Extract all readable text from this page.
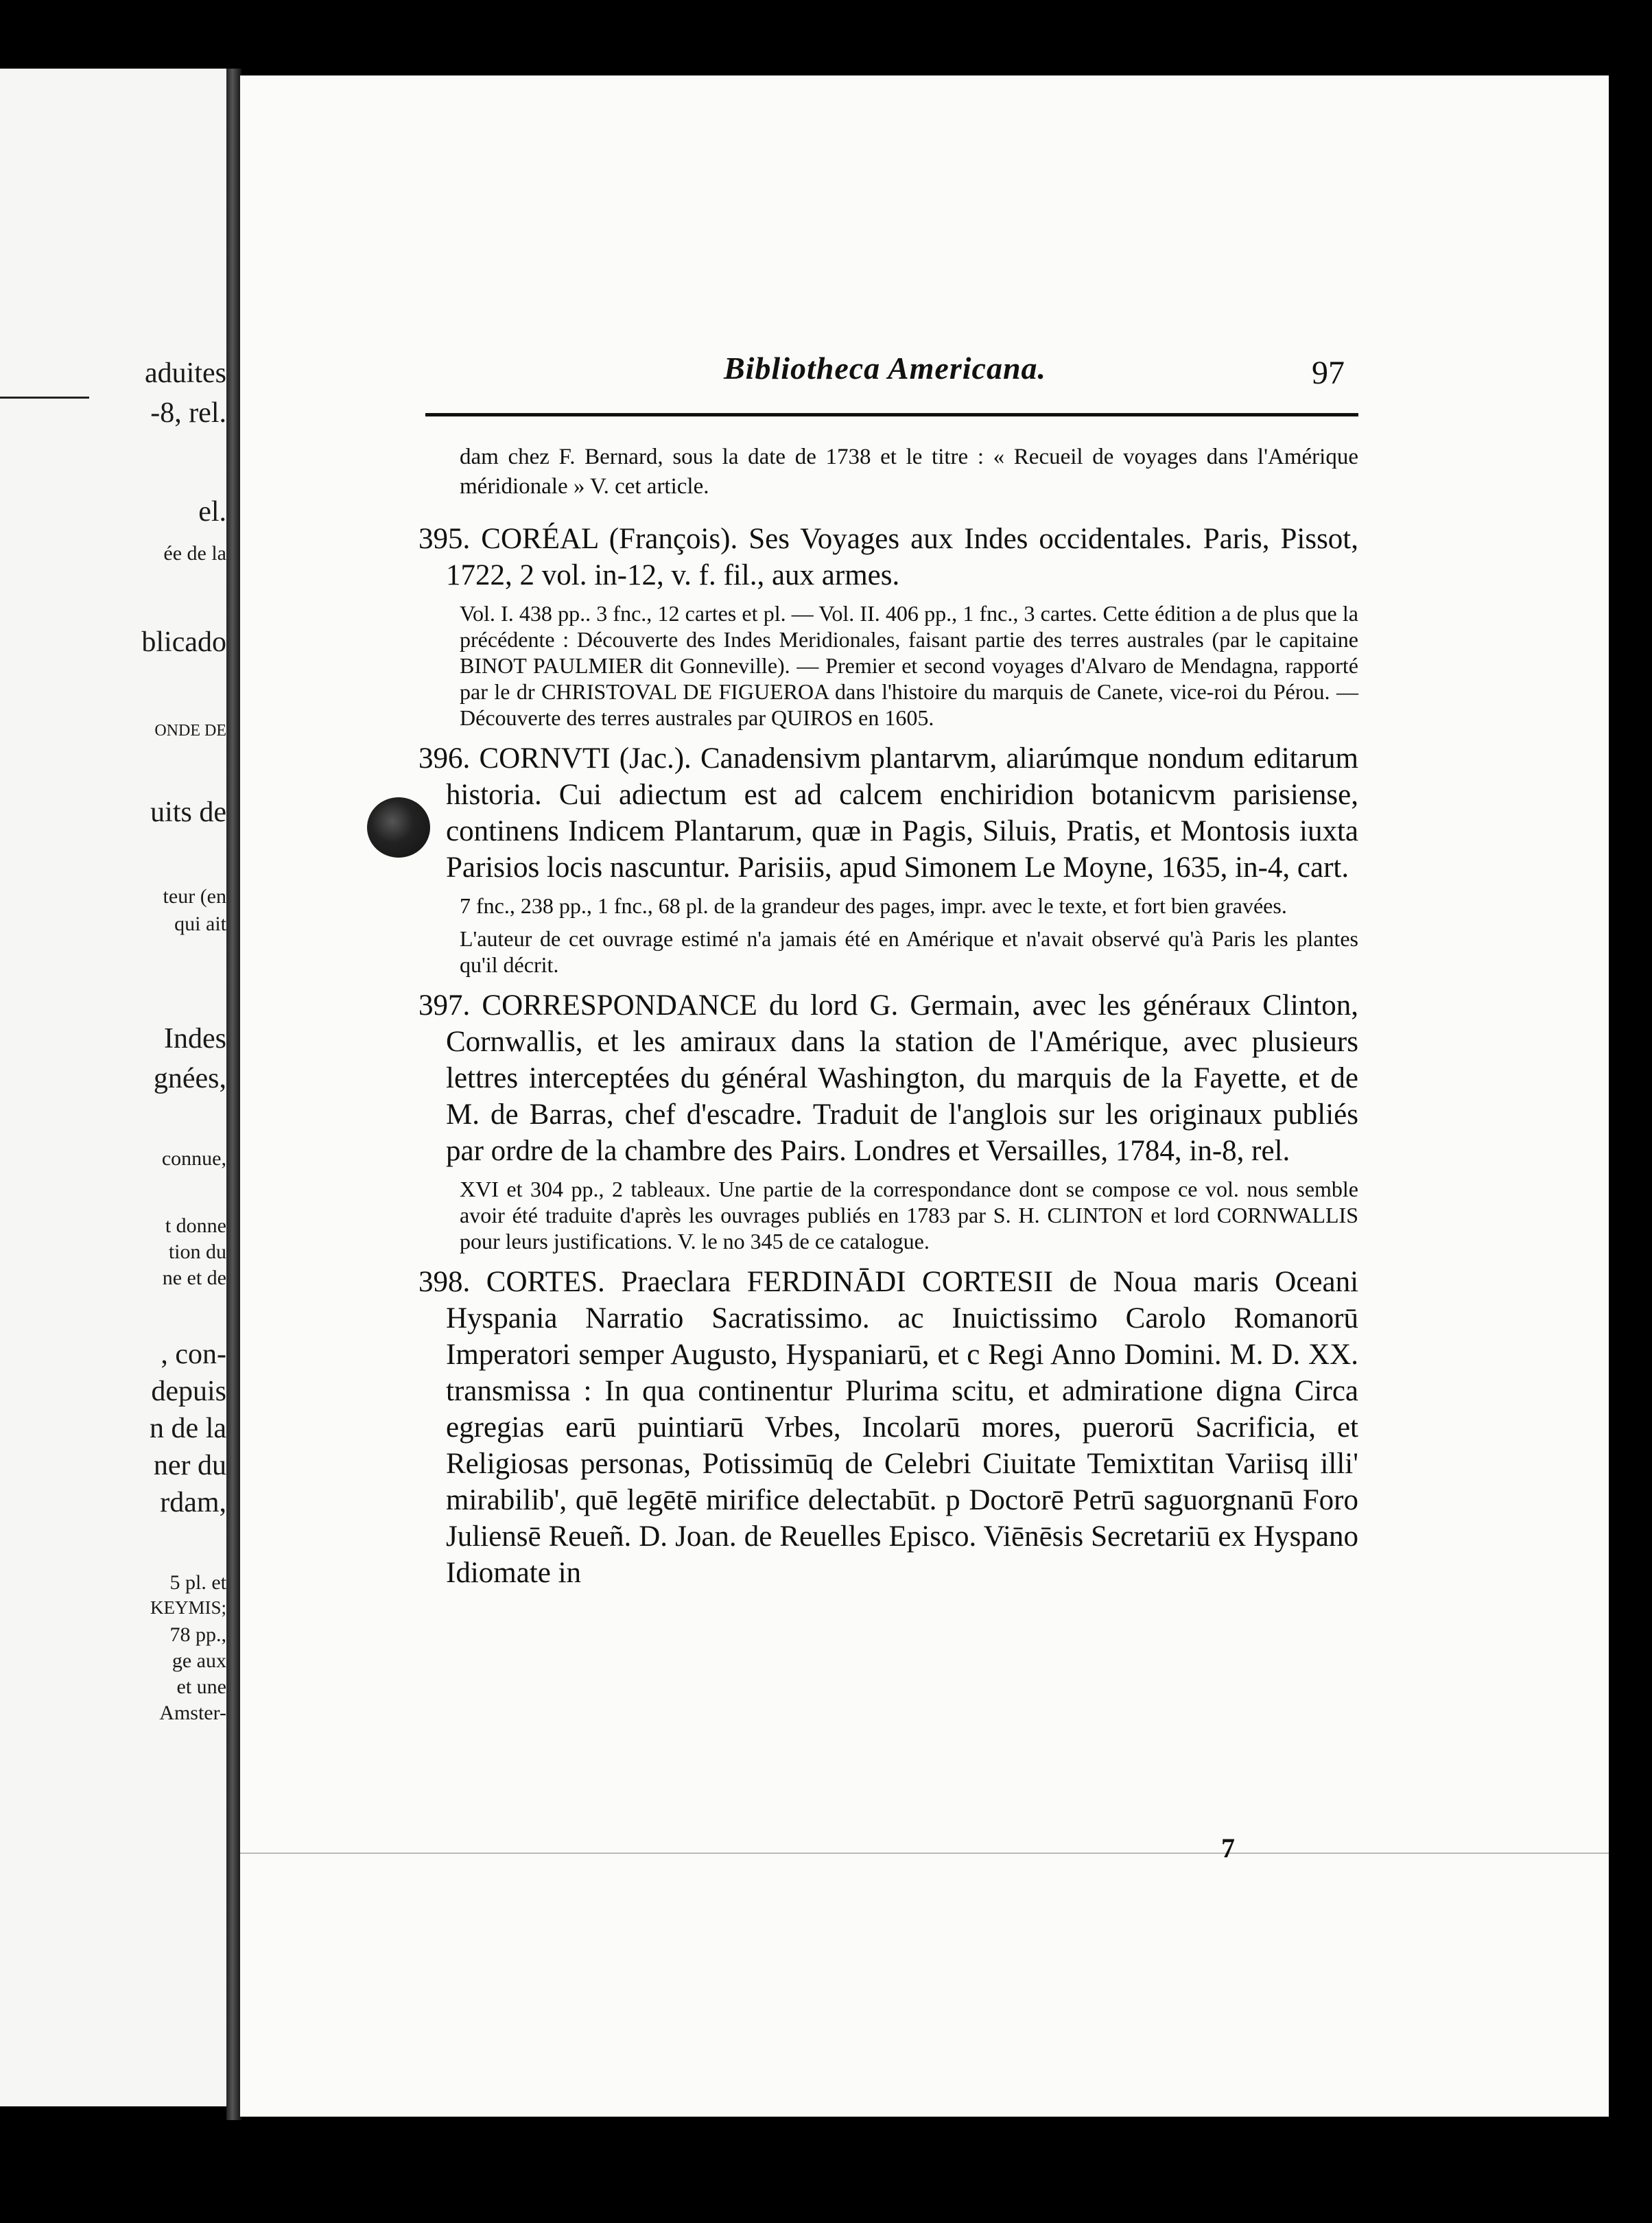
aduites
-8, rel.
el.
ée de la
blicado
ONDE DE
uits de
teur (en
qui ait
Indes
gnées,
connue,
t donne
tion du
ne et de
, con-
depuis
n de la
ner du
rdam,
5 pl. et
KEYMIS;
78 pp.,
ge aux
et une
Amster-
Bibliotheca Americana.	97
dam chez F. Bernard, sous la date de 1738 et le titre : « Recueil de voyages dans l'Amérique méridionale » V. cet article.
395. CORÉAL (François). Ses Voyages aux Indes occidentales. Paris, Pissot, 1722, 2 vol. in-12, v. f. fil., aux armes.
Vol. I. 438 pp.. 3 fnc., 12 cartes et pl. — Vol. II. 406 pp., 1 fnc., 3 cartes. Cette édition a de plus que la précédente : Découverte des Indes Meridionales, faisant partie des terres australes (par le capitaine BINOT PAULMIER dit Gonneville). — Premier et second voyages d'Alvaro de Mendagna, rapporté par le dr CHRISTOVAL DE FIGUEROA dans l'histoire du marquis de Canete, vice-roi du Pérou. — Découverte des terres australes par QUIROS en 1605.
396. CORNVTI (Jac.). Canadensivm plantarvm, aliarúmque nondum editarum historia. Cui adiectum est ad calcem enchiridion botanicvm parisiense, continens Indicem Plantarum, quæ in Pagis, Siluis, Pratis, et Montosis iuxta Parisios locis nascuntur. Parisiis, apud Simonem Le Moyne, 1635, in-4, cart.
7 fnc., 238 pp., 1 fnc., 68 pl. de la grandeur des pages, impr. avec le texte, et fort bien gravées.
L'auteur de cet ouvrage estimé n'a jamais été en Amérique et n'avait observé qu'à Paris les plantes qu'il décrit.
397. CORRESPONDANCE du lord G. Germain, avec les généraux Clinton, Cornwallis, et les amiraux dans la station de l'Amérique, avec plusieurs lettres interceptées du général Washington, du marquis de la Fayette, et de M. de Barras, chef d'escadre. Traduit de l'anglois sur les originaux publiés par ordre de la chambre des Pairs. Londres et Versailles, 1784, in-8, rel.
XVI et 304 pp., 2 tableaux. Une partie de la correspondance dont se compose ce vol. nous semble avoir été traduite d'après les ouvrages publiés en 1783 par S. H. CLINTON et lord CORNWALLIS pour leurs justifications. V. le no 345 de ce catalogue.
398. CORTES. Praeclara FERDINĀDI CORTESII de Noua maris Oceani Hyspania Narratio Sacratissimo. ac Inuictissimo Carolo Romanorū Imperatori semper Augusto, Hyspaniarū, et c Regi Anno Domini. M. D. XX. transmissa : In qua continentur Plurima scitu, et admiratione digna Circa egregias earū puintiarū Vrbes, Incolarū mores, puerorū Sacrificia, et Religiosas personas, Potissimūq de Celebri Ciuitate Temixtitan Variisq illi' mirabilib', quē legētē mirifice delectabūt. p Doctorē Petrū saguorgnanū Foro Juliensē Reueñ. D. Joan. de Reuelles Episco. Viēnēsis Secretariū ex Hyspano Idiomate in
7
